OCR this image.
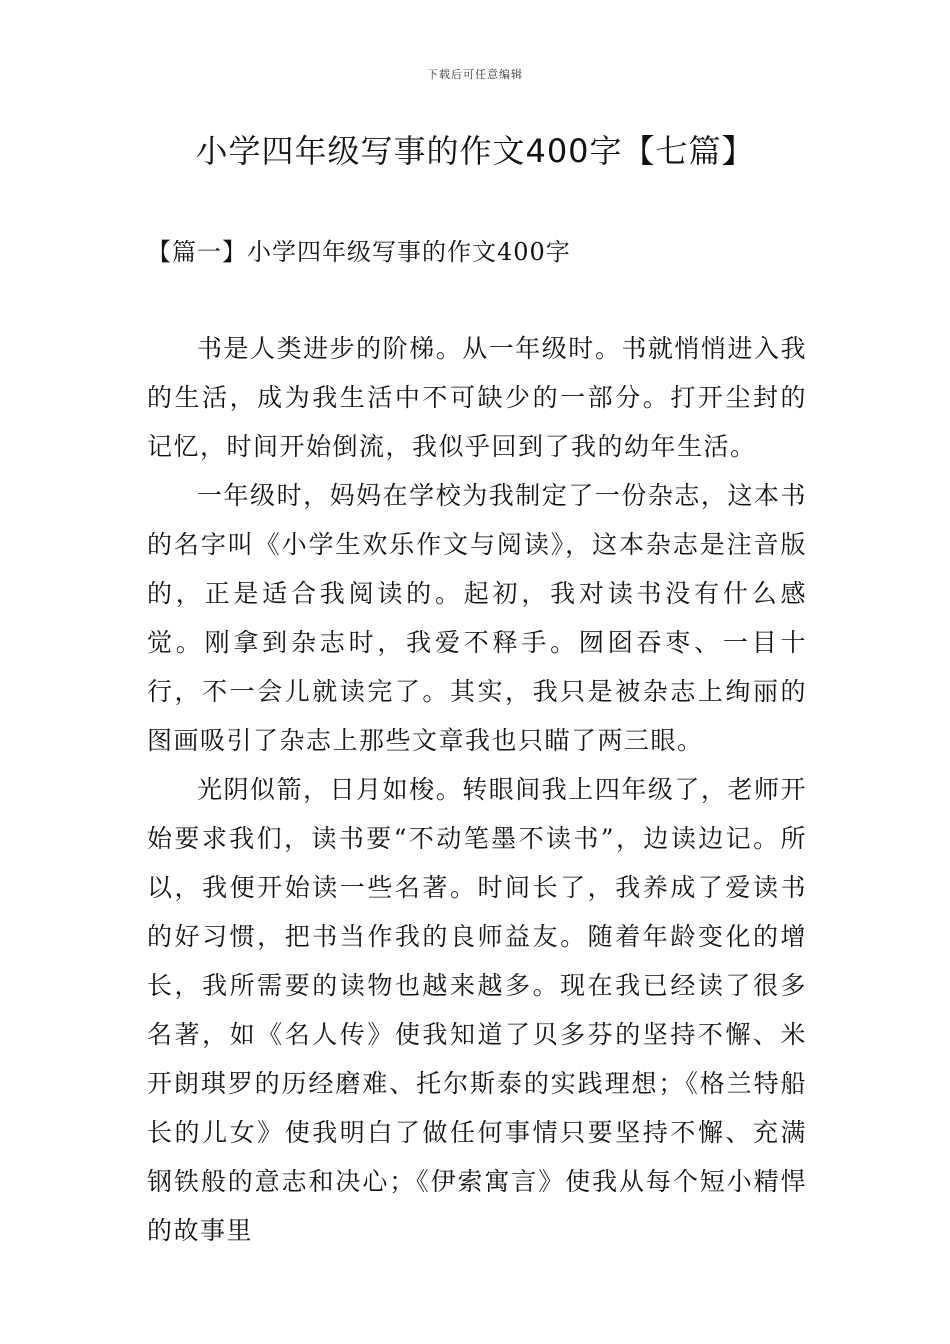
下载后可任意编辑
小学四年级写事的作文400字【七篇】
【篇一】小学四年级写事的作文400字

书是人类进步的阶梯。从一年级时。书就悄悄进入我的生活，成为我生活中不可缺少的一部分。打开尘封的记忆，时间开始倒流，我似乎回到了我的幼年生活。

一年级时，妈妈在学校为我制定了一份杂志，这本书的名字叫《小学生欢乐作文与阅读》，这本杂志是注音版的，正是适合我阅读的。起初，我对读书没有什么感觉。刚拿到杂志时，我爱不释手。囫囵吞枣、一目十行，不一会儿就读完了。其实，我只是被杂志上绚丽的图画吸引了杂志上那些文章我也只瞄了两三眼。

光阴似箭，日月如梭。转眼间我上四年级了，老师开始要求我们，读书要“不动笔墨不读书”，边读边记。所以，我便开始读一些名著。时间长了，我养成了爱读书的好习惯，把书当作我的良师益友。随着年龄变化的增长，我所需要的读物也越来越多。现在我已经读了很多名著，如《名人传》使我知道了贝多芬的坚持不懈、米开朗琪罗的历经磨难、托尔斯泰的实践理想；《格兰特船长的儿女》使我明白了做任何事情只要坚持不懈、充满钢铁般的意志和决心；《伊索寓言》使我从每个短小精悍的故事里
